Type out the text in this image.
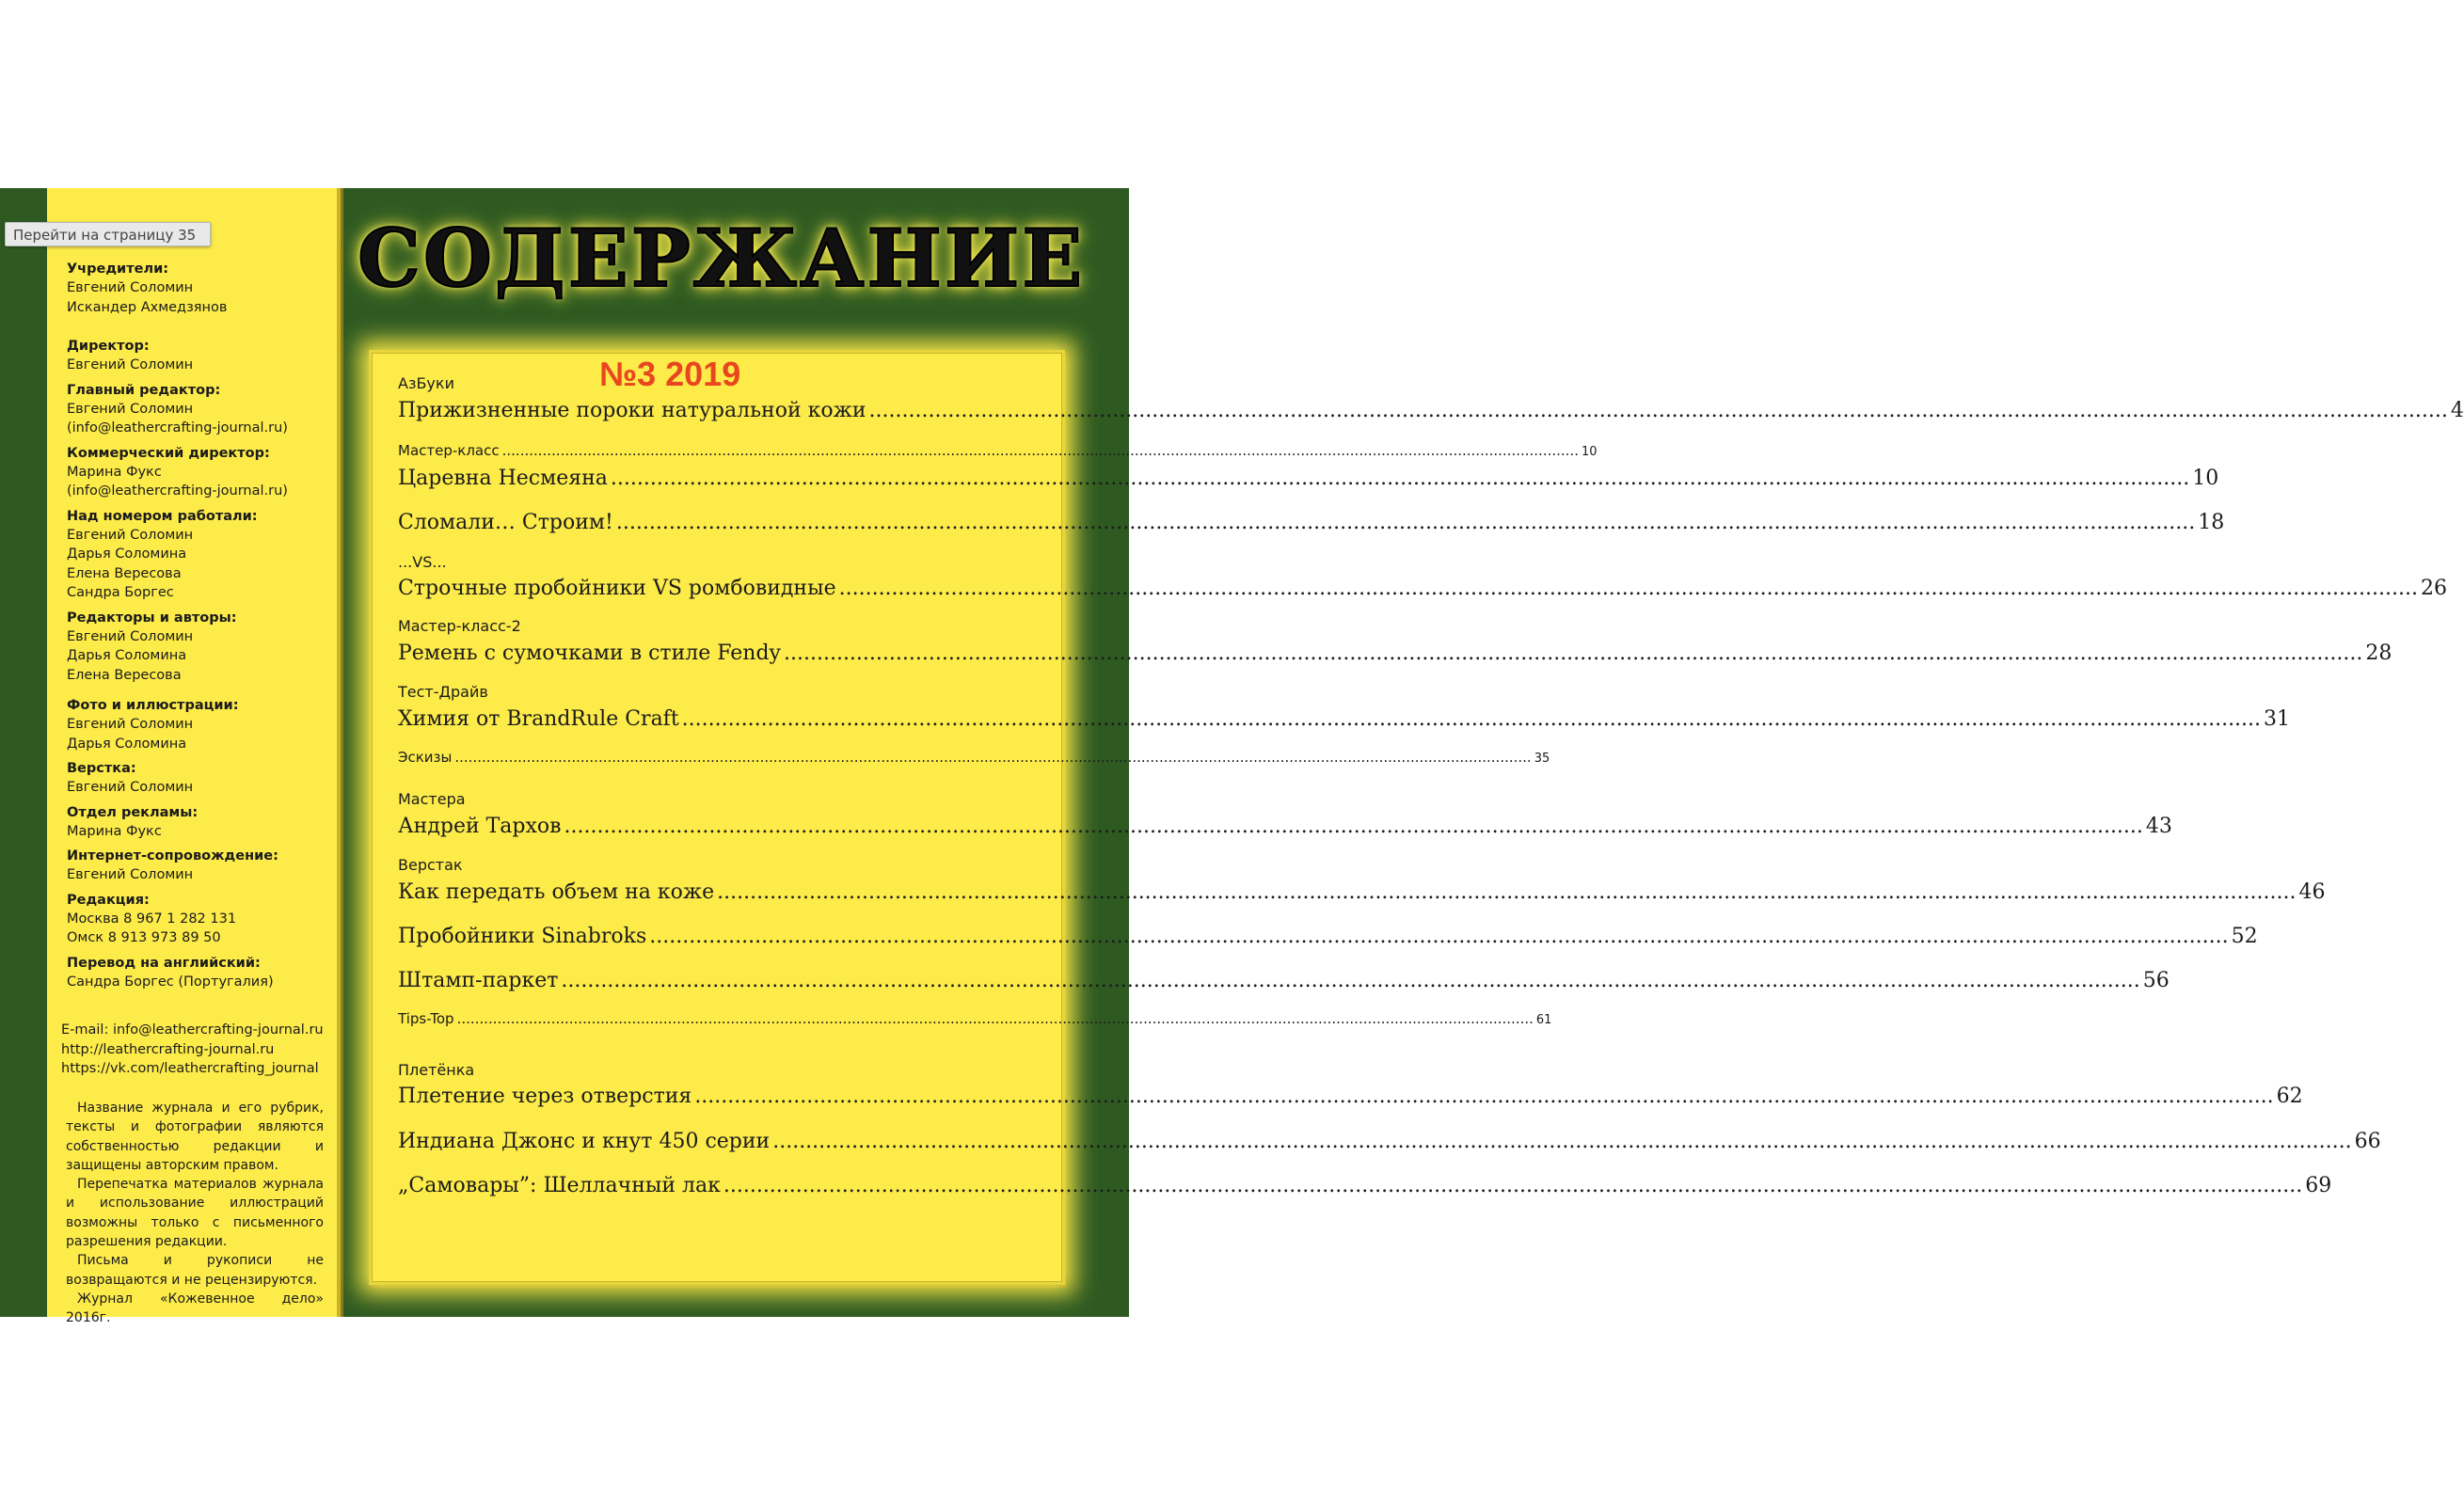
Перейти на страницу 35
Учредители:
Евгений Соломин
Искандер Ахмедзянов
Директор:
Евгений Соломин
Главный редактор:
Евгений Соломин
(info@leathercrafting-journal.ru)
Коммерческий директор:
Марина Фукс
(info@leathercrafting-journal.ru)
Над номером работали:
Евгений Соломин
Дарья Соломина
Елена Вересова
Сандра Боргес
Редакторы и авторы:
Евгений Соломин
Дарья Соломина
Елена Вересова
Фото и иллюстрации:
Евгений Соломин
Дарья Соломина
Верстка:
Евгений Соломин
Отдел рекламы:
Марина Фукс
Интернет-сопровождение:
Евгений Соломин
Редакция:
Москва 8 967 1 282 131
Омск 8 913 973 89 50
Перевод на английский:
Сандра Боргес (Португалия)
E-mail: info@leathercrafting-journal.ru
http://leathercrafting-journal.ru
https://vk.com/leathercrafting_journal

Название журнала и его рубрик, тексты и фотографии являются собственностью редакции и защищены авторским правом.

Перепечатка материалов журнала и использование иллюстраций возможны только с письменного разрешения редакции.

Письма и рукописи не возвращаются и не рецензируются.

Журнал «Кожевенное дело» 2016г.

СОДЕРЖАНИЕ
№3 2019
АзБуки
Прижизненные пороки натуральной кожи .....	4
Мастер-класс .....	10
Царевна Несмеяна .....	10
Сломали… Строим! .....	18
...VS...
Строчные пробойники VS ромбовидные .....	26
Мастер-класс-2
Ремень с сумочками в стиле Fendy .....	28
Тест-Драйв
Химия от BrandRule Craft .....	31
Эскизы .....	35
Мастера
Андрей Тархов .....	43
Верстак
Как передать объем на коже .....	46
Пробойники Sinabroks .....	52
Штамп-паркет .....	56
Tips-Top .....	61
Плетёнка
Плетение через отверстия .....	62
Индиана Джонс и кнут 450 серии .....	66
„Самовары”: Шеллачный лак .....	69
